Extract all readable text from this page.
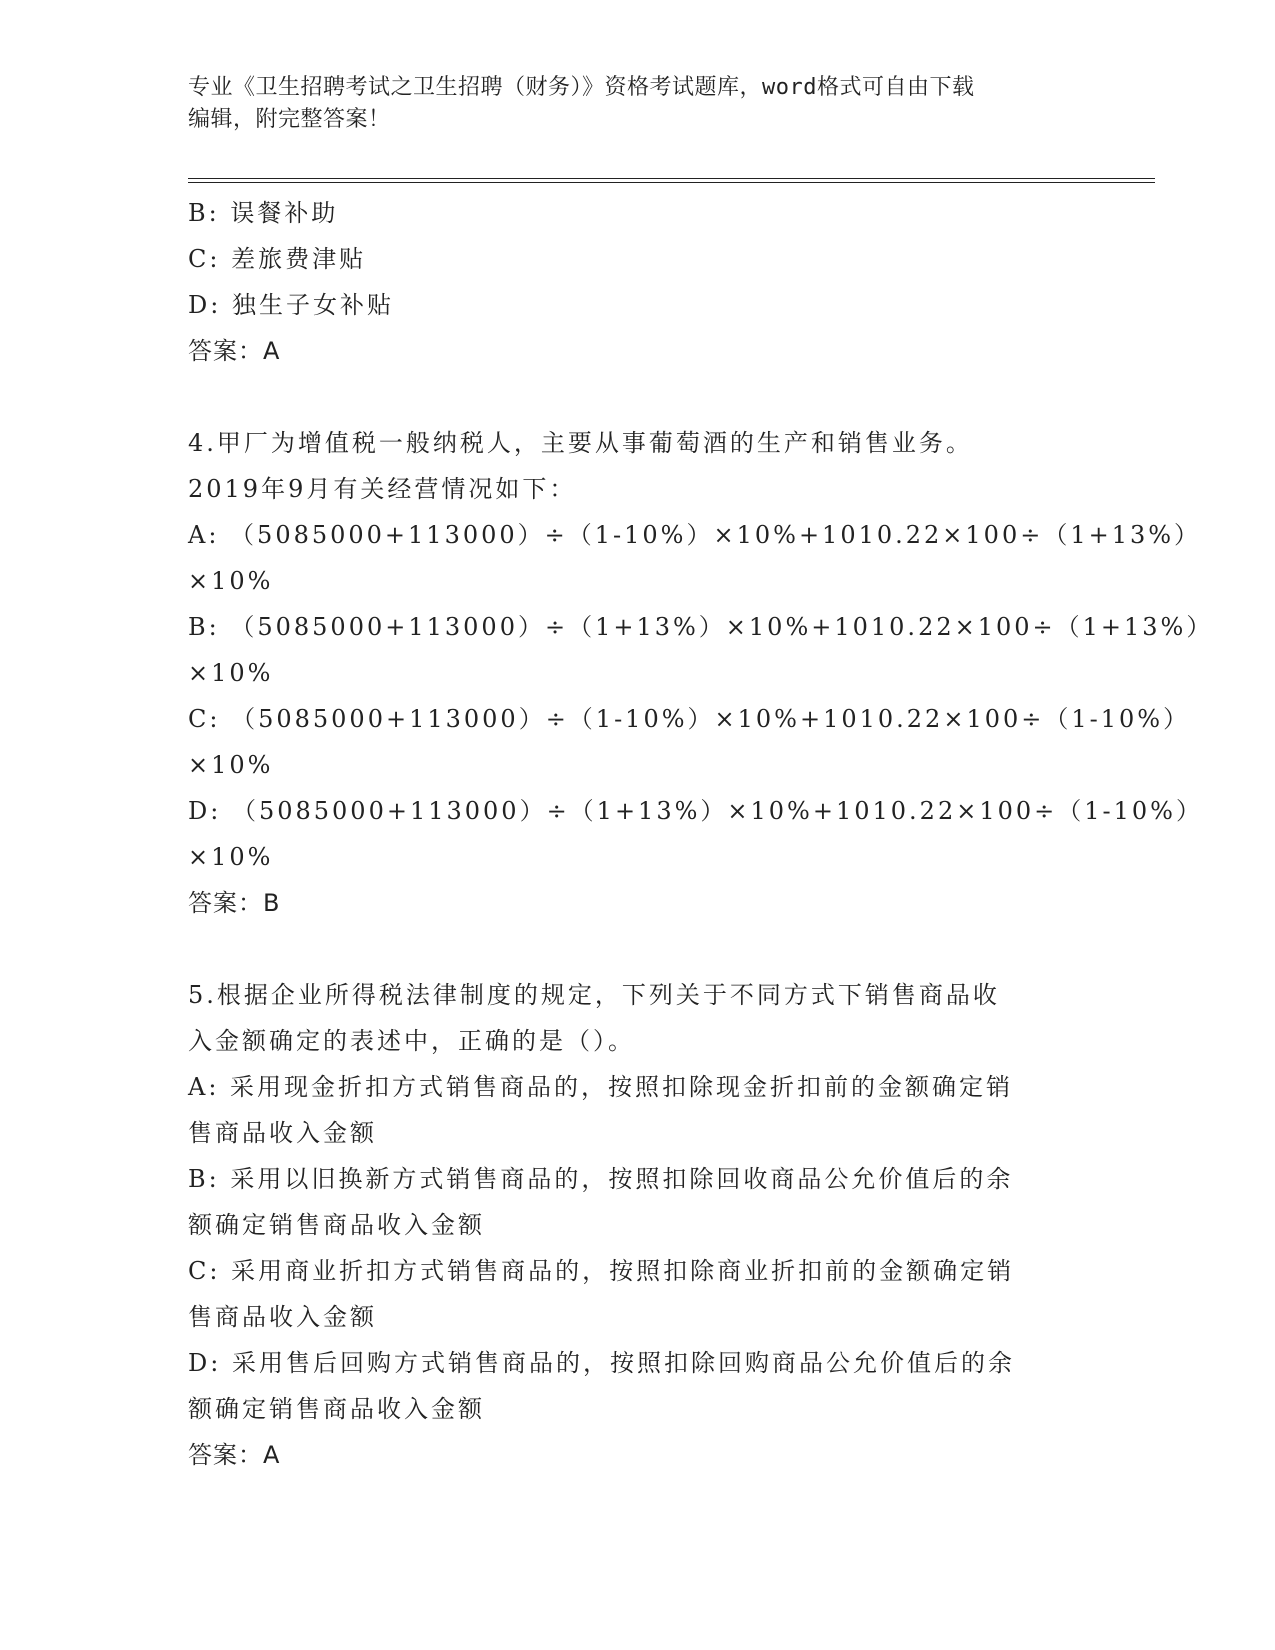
专业《卫生招聘考试之卫生招聘（财务）》资格考试题库，word格式可自由下载
编辑，附完整答案！
B: 误餐补助
C: 差旅费津贴
D: 独生子女补贴
答案：A
4.甲厂为增值税一般纳税人，主要从事葡萄酒的生产和销售业务。
2019年9月有关经营情况如下：
A: （5085000+113000）÷（1-10%）×10%+1010.22×100÷（1+13%）
×10%
B: （5085000+113000）÷（1+13%）×10%+1010.22×100÷（1+13%）
×10%
C: （5085000+113000）÷（1-10%）×10%+1010.22×100÷（1-10%）
×10%
D: （5085000+113000）÷（1+13%）×10%+1010.22×100÷（1-10%）
×10%
答案：B
5.根据企业所得税法律制度的规定，下列关于不同方式下销售商品收
入金额确定的表述中，正确的是（）。
A: 采用现金折扣方式销售商品的，按照扣除现金折扣前的金额确定销
售商品收入金额
B: 采用以旧换新方式销售商品的，按照扣除回收商品公允价值后的余
额确定销售商品收入金额
C: 采用商业折扣方式销售商品的，按照扣除商业折扣前的金额确定销
售商品收入金额
D: 采用售后回购方式销售商品的，按照扣除回购商品公允价值后的余
额确定销售商品收入金额
答案：A
